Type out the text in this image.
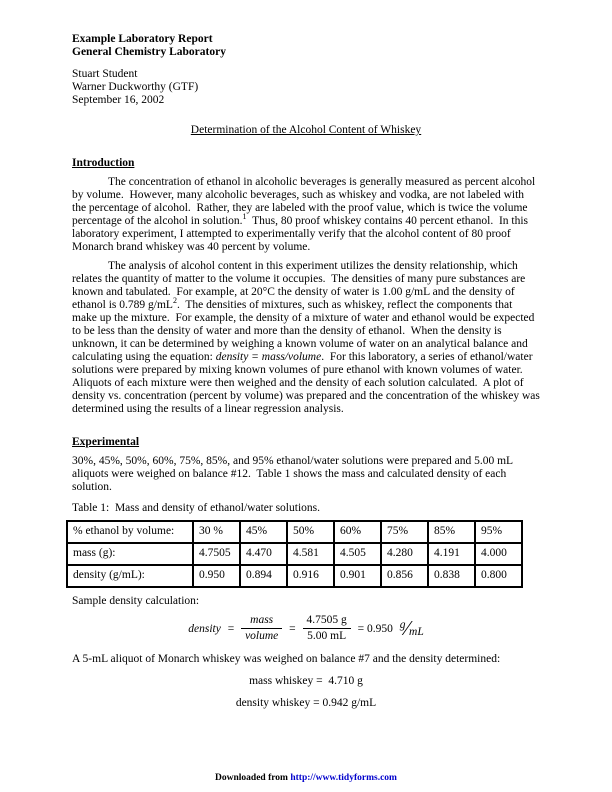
Example Laboratory Report
General Chemistry Laboratory
Stuart Student
Warner Duckworthy (GTF)
September 16, 2002
Determination of the Alcohol Content of Whiskey
Introduction

The concentration of ethanol in alcoholic beverages is generally measured as percent alcohol by volume.  However, many alcoholic beverages, such as whiskey and vodka, are not labeled with the percentage of alcohol.  Rather, they are labeled with the proof value, which is twice the volume percentage of the alcohol in solution.$^1$  Thus, 80 proof whiskey contains 40 percent ethanol.  In this laboratory experiment, I attempted to experimentally verify that the alcohol content of 80 proof Monarch brand whiskey was 40 percent by volume.

The analysis of alcohol content in this experiment utilizes the density relationship, which relates the quantity of matter to the volume it occupies.  The densities of many pure substances are known and tabulated.  For example, at 20°C the density of water is 1.00 g/mL and the density of ethanol is 0.789 $g/mL^2$.  The densities of mixtures, such as whiskey, reflect the components that make up the mixture.  For example, the density of a mixture of water and ethanol would be expected to be less than the density of water and more than the density of ethanol.  When the density is unknown, it can be determined by weighing a known volume of water on an analytical balance and calculating using the equation: density = mass/volume.  For this laboratory, a series of ethanol/water solutions were prepared by mixing known volumes of pure ethanol with known volumes of water.  Aliquots of each mixture were then weighed and the density of each solution calculated.  A plot of density vs. concentration (percent by volume) was prepared and the concentration of the whiskey was determined using the results of a linear regression analysis.

Experimental

30%, 45%, 50%, 60%, 75%, 85%, and 95% ethanol/water solutions were prepared and 5.00 mL aliquots were weighed on balance #12.  Table 1 shows the mass and calculated density of each solution.

Table 1:  Mass and density of ethanol/water solutions.
% ethanol by volume:	30 %	45%	50%	60%	75%	85%	95%
mass (g):	4.7505	4.470	4.581	4.505	4.280	4.191	4.000
density (g/mL):	0.950	0.894	0.916	0.901	0.856	0.838	0.800
Sample density calculation:
density = $\frac{\text{mass}}{\text{volume}} = \frac{4.7505 g}{5.00 mL} = 0.950$ g⁄mL

A 5-mL aliquot of Monarch whiskey was weighed on balance #7 and the density determined:

mass whiskey =  4.710 g
density whiskey = 0.942 g/mL
Downloaded from http://www.tidyforms.com
